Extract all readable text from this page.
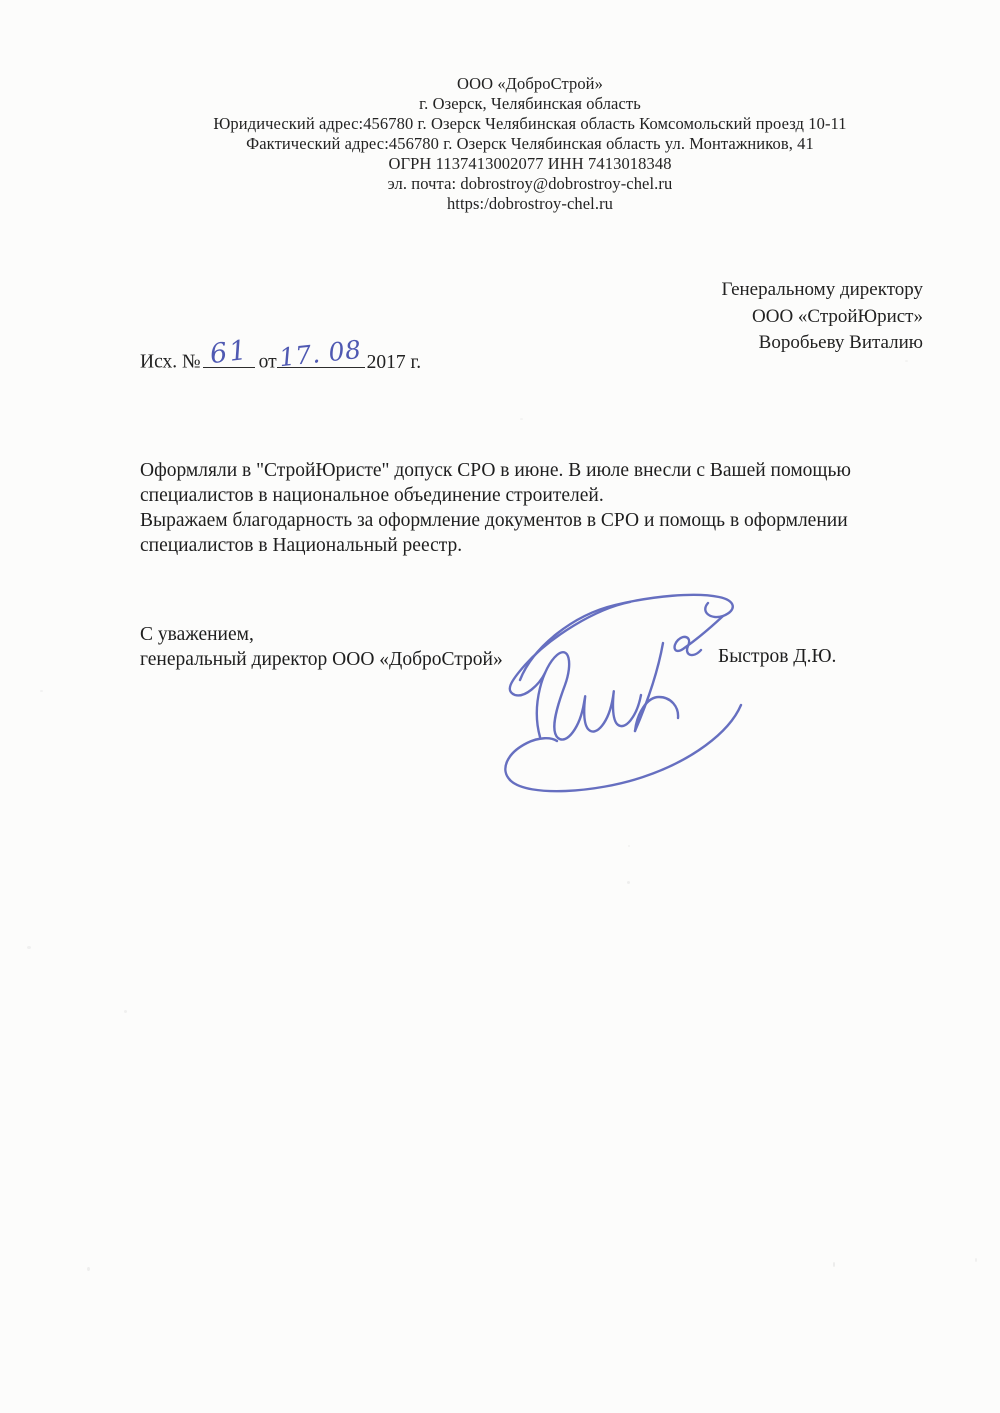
ООО «ДоброСтрой»
г. Озерск, Челябинская область
Юридический адрес:456780 г. Озерск Челябинская область Комсомольский проезд 10-11
Фактический адрес:456780 г. Озерск Челябинская область ул. Монтажников, 41
ОГРН 1137413002077 ИНН 7413018348
эл. почта: dobrostroy@dobrostroy-chel.ru
https:/dobrostroy-chel.ru
Генеральному директору
ООО «СтройЮрист»
Воробьеву Виталию
Исх. № 61 от 17. 08 2017 г.
Оформляли в "СтройЮристе" допуск СРО в июне. В июле внесли с Вашей помощью
специалистов в национальное объединение строителей.
Выражаем благодарность за оформление документов в СРО и помощь в оформлении
специалистов в Национальный реестр.
С уважением,
генеральный директор ООО «ДоброСтрой»	Быстров Д.Ю.
